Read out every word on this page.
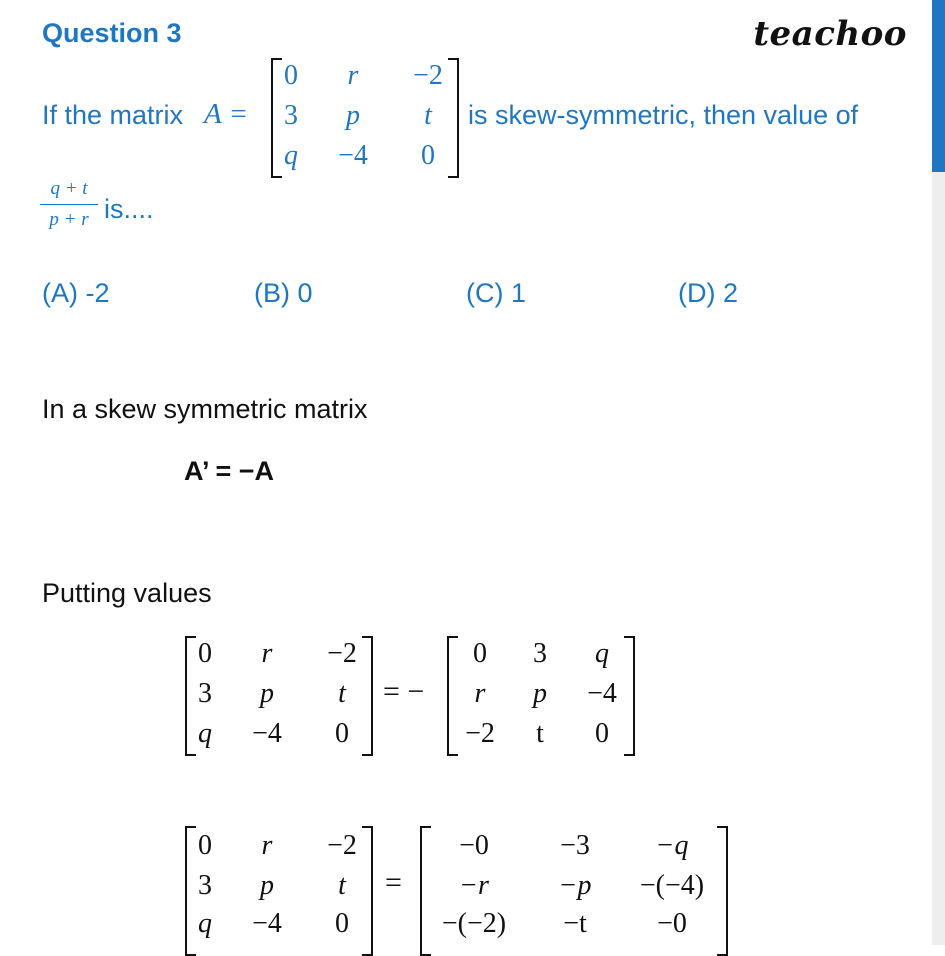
Question 3	teachoo
If the matrix A =
0	r	−2
3	p	t
q	−4	0
is skew-symmetric, then value of
q + t
p + r is....
(A) -2	(B) 0	(C) 1	(D) 2
In a skew symmetric matrix
A’ = −A
Putting values
0	r	−2
3	p	t
q	−4	0
= −
0	3	q
r	p	−4
−2	t	0
0	r	−2
3	p	t
q	−4	0
=
−0	−3	−q
−r	−p	−(−4)
−(−2)	−t	−0
